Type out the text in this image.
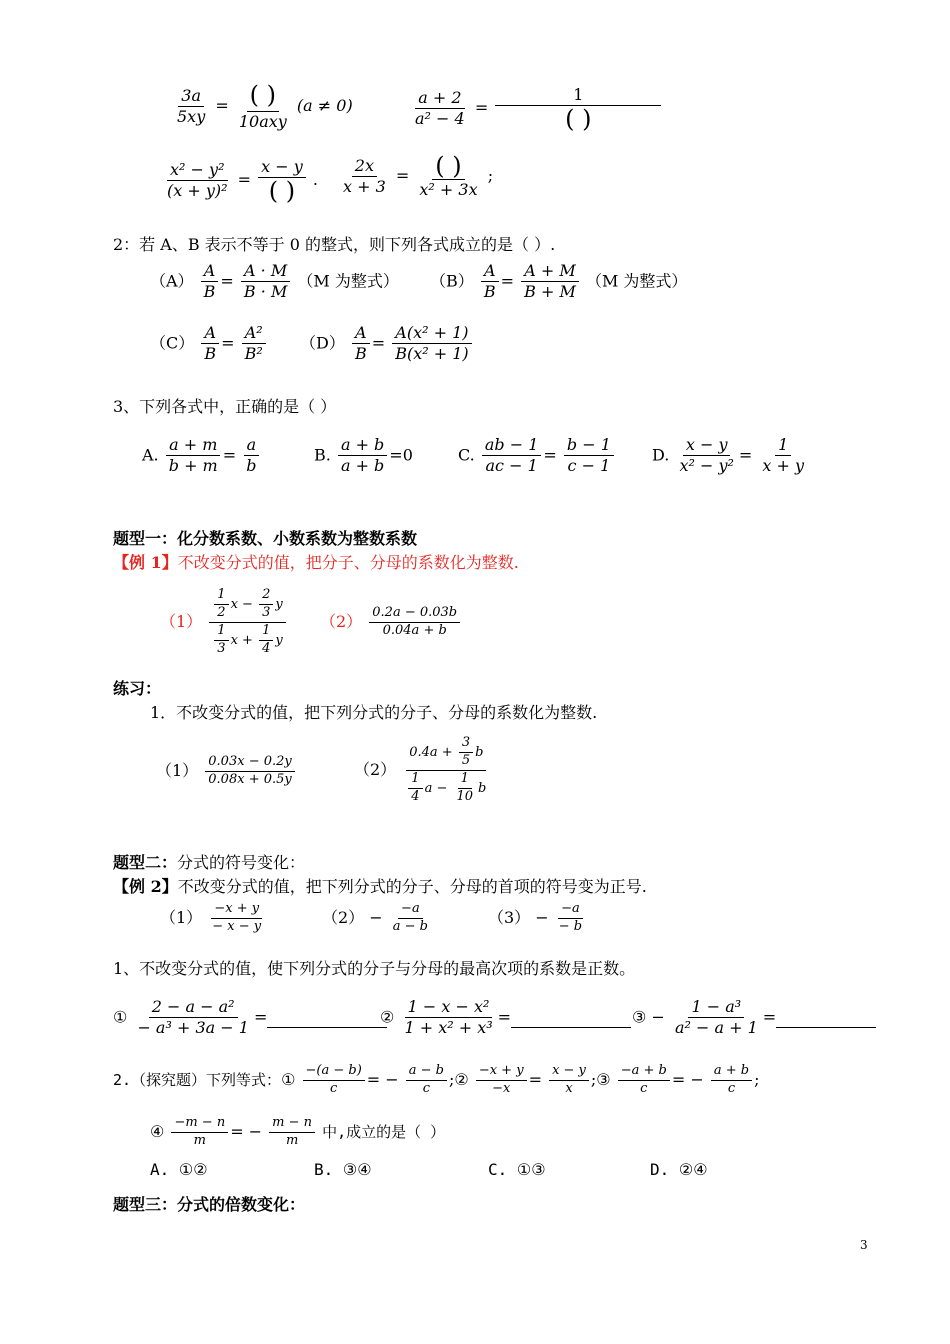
$\frac{3a}{5xy} = \frac{( )}{\text{10axy}} (a \ne 0)$	$\frac{a + 2}{\text{a² − 4}} = \frac{1}{( )}$
$\frac{\text{x² − y²}}{\text{(x + y)²}} = \frac{x - y}{( )}$ . $\frac{2x}{x + 3} = \frac{( )}{\text{x² + 3x}}$ ;
2：若 A、B 表示不等于 0 的整式，则下列各式成立的是（ ）.
$(A) \frac{A}{B} = \frac{A \cdot M}{B \cdot M} (M$ 为整式） $(B) \frac{A}{B} = \frac{A + M}{B + M} (M$ 为整式）
$(C) \frac{A}{B} = \frac{\text{A²}}{\text{B²}} (D) \frac{A}{B} = \frac{\text{A(x² + 1)}}{\text{B(x² + 1)}}$
3、下列各式中，正确的是（ ）
A. $\frac{a + m}{b + m} = \frac{a}{b}$	B. $\frac{a + b}{a + b} =0$	C. $\frac{ab - 1}{ac - 1} = \frac{b - 1}{c - 1} D$. $\frac{x - y}{\text{x² − y²}} = \frac{1}{x + y}$
题型一：化分数系数、小数系数为整数系数
【例 1】不改变分式的值，把分子、分母的系数化为整数.
$(1) \frac{\frac{1}{2} x - \frac{2}{3} y}{\frac{1}{3} x + \frac{1}{4} y} (2) \frac{0.2a - 0.03b}{0.04a + b}$
练习：
1．不改变分式的值，把下列分式的分子、分母的系数化为整数.
$(1) \frac{0.03x - 0.2y}{0.08x + 0.5y}$	$(2) \frac{0.4a + \frac{3}{5} b}{\frac{1}{4} a - \frac{1}{10} b}$
题型二：分式的符号变化：
【例 2】不改变分式的值，把下列分式的分子、分母的首项的符号变为正号.
$(1) \frac{-x + y}{- x - y}$	$(2) - \frac{-a}{a - b}$	$(3) - \frac{-a}{- b}$
1、不改变分式的值，使下列分式的分子与分母的最高次项的系数是正数。
① $\frac{\text{2 − a − a²}}{\text{− a³ + 3a − 1}}$ =	② $\frac{\text{1 − x − x²}}{\text{1 + x² + x³}}$ =	③ − $\frac{\text{1 − a³}}{\text{a² − a + 1}}$ =
2.（探究题）下列等式：① $\frac{-(a - b)}{c}$ = − $\frac{a - b}{c}$ ;② $\frac{-x + y}{-x} = \frac{x - y}{x}$ ;③ $\frac{-a + b}{c}$ = − $\frac{a + b}{c}$ ;
④ $\frac{-m - n}{m}$ = − $\frac{m - n}{m}$ 中,成立的是（ ）
A. ①②	B. ③④	C. ①③	D. ②④
题型三：分式的倍数变化：
3
